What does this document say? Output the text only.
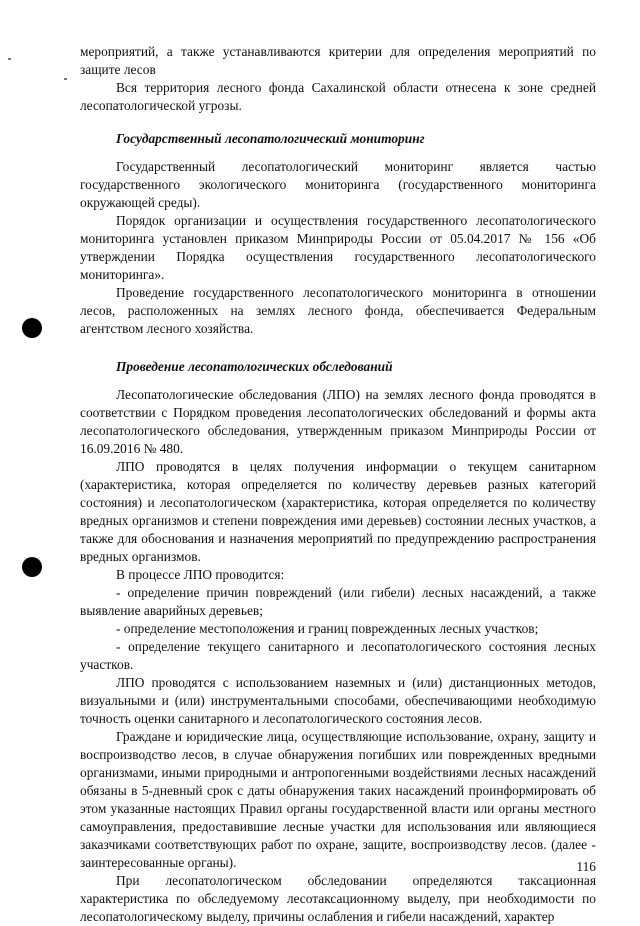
мероприятий, а также устанавливаются критерии для определения мероприятий по защите лесов

Вся территория лесного фонда Сахалинской области отнесена к зоне средней лесопатологической угрозы.

Государственный лесопатологический мониторинг

Государственный лесопатологический мониторинг является частью государственного экологического мониторинга (государственного мониторинга окружающей среды).

Порядок организации и осуществления государственного лесопатологического мониторинга установлен приказом Минприроды России от 05.04.2017 № 156 «Об утверждении Порядка осуществления государственного лесопатологического мониторинга».

Проведение государственного лесопатологического мониторинга в отношении лесов, расположенных на землях лесного фонда, обеспечивается Федеральным агентством лесного хозяйства.

Проведение лесопатологических обследований

Лесопатологические обследования (ЛПО) на землях лесного фонда проводятся в соответствии с Порядком проведения лесопатологических обследований и формы акта лесопатологического обследования, утвержденным приказом Минприроды России от 16.09.2016 № 480.

ЛПО проводятся в целях получения информации о текущем санитарном (характеристика, которая определяется по количеству деревьев разных категорий состояния) и лесопатологическом (характеристика, которая определяется по количеству вредных организмов и степени повреждения ими деревьев) состоянии лесных участков, а также для обоснования и назначения мероприятий по предупреждению распространения вредных организмов.

В процессе ЛПО проводится:

- определение причин повреждений (или гибели) лесных насаждений, а также выявление аварийных деревьев;

- определение местоположения и границ поврежденных лесных участков;

- определение текущего санитарного и лесопатологического состояния лесных участков.

ЛПО проводятся с использованием наземных и (или) дистанционных методов, визуальными и (или) инструментальными способами, обеспечивающими необходимую точность оценки санитарного и лесопатологического состояния лесов.

Граждане и юридические лица, осуществляющие использование, охрану, защиту и воспроизводство лесов, в случае обнаружения погибших или поврежденных вредными организмами, иными природными и антропогенными воздействиями лесных насаждений обязаны в 5-дневный срок с даты обнаружения таких насаждений проинформировать об этом указанные настоящих Правил органы государственной власти или органы местного самоуправления, предоставившие лесные участки для использования или являющиеся заказчиками соответствующих работ по охране, защите, воспроизводству лесов. (далее - заинтересованные органы).

При лесопатологическом обследовании определяются таксационная характеристика по обследуемому лесотаксационному выделу, при необходимости по лесопатологическому выделу, причины ослабления и гибели насаждений, характер

116
